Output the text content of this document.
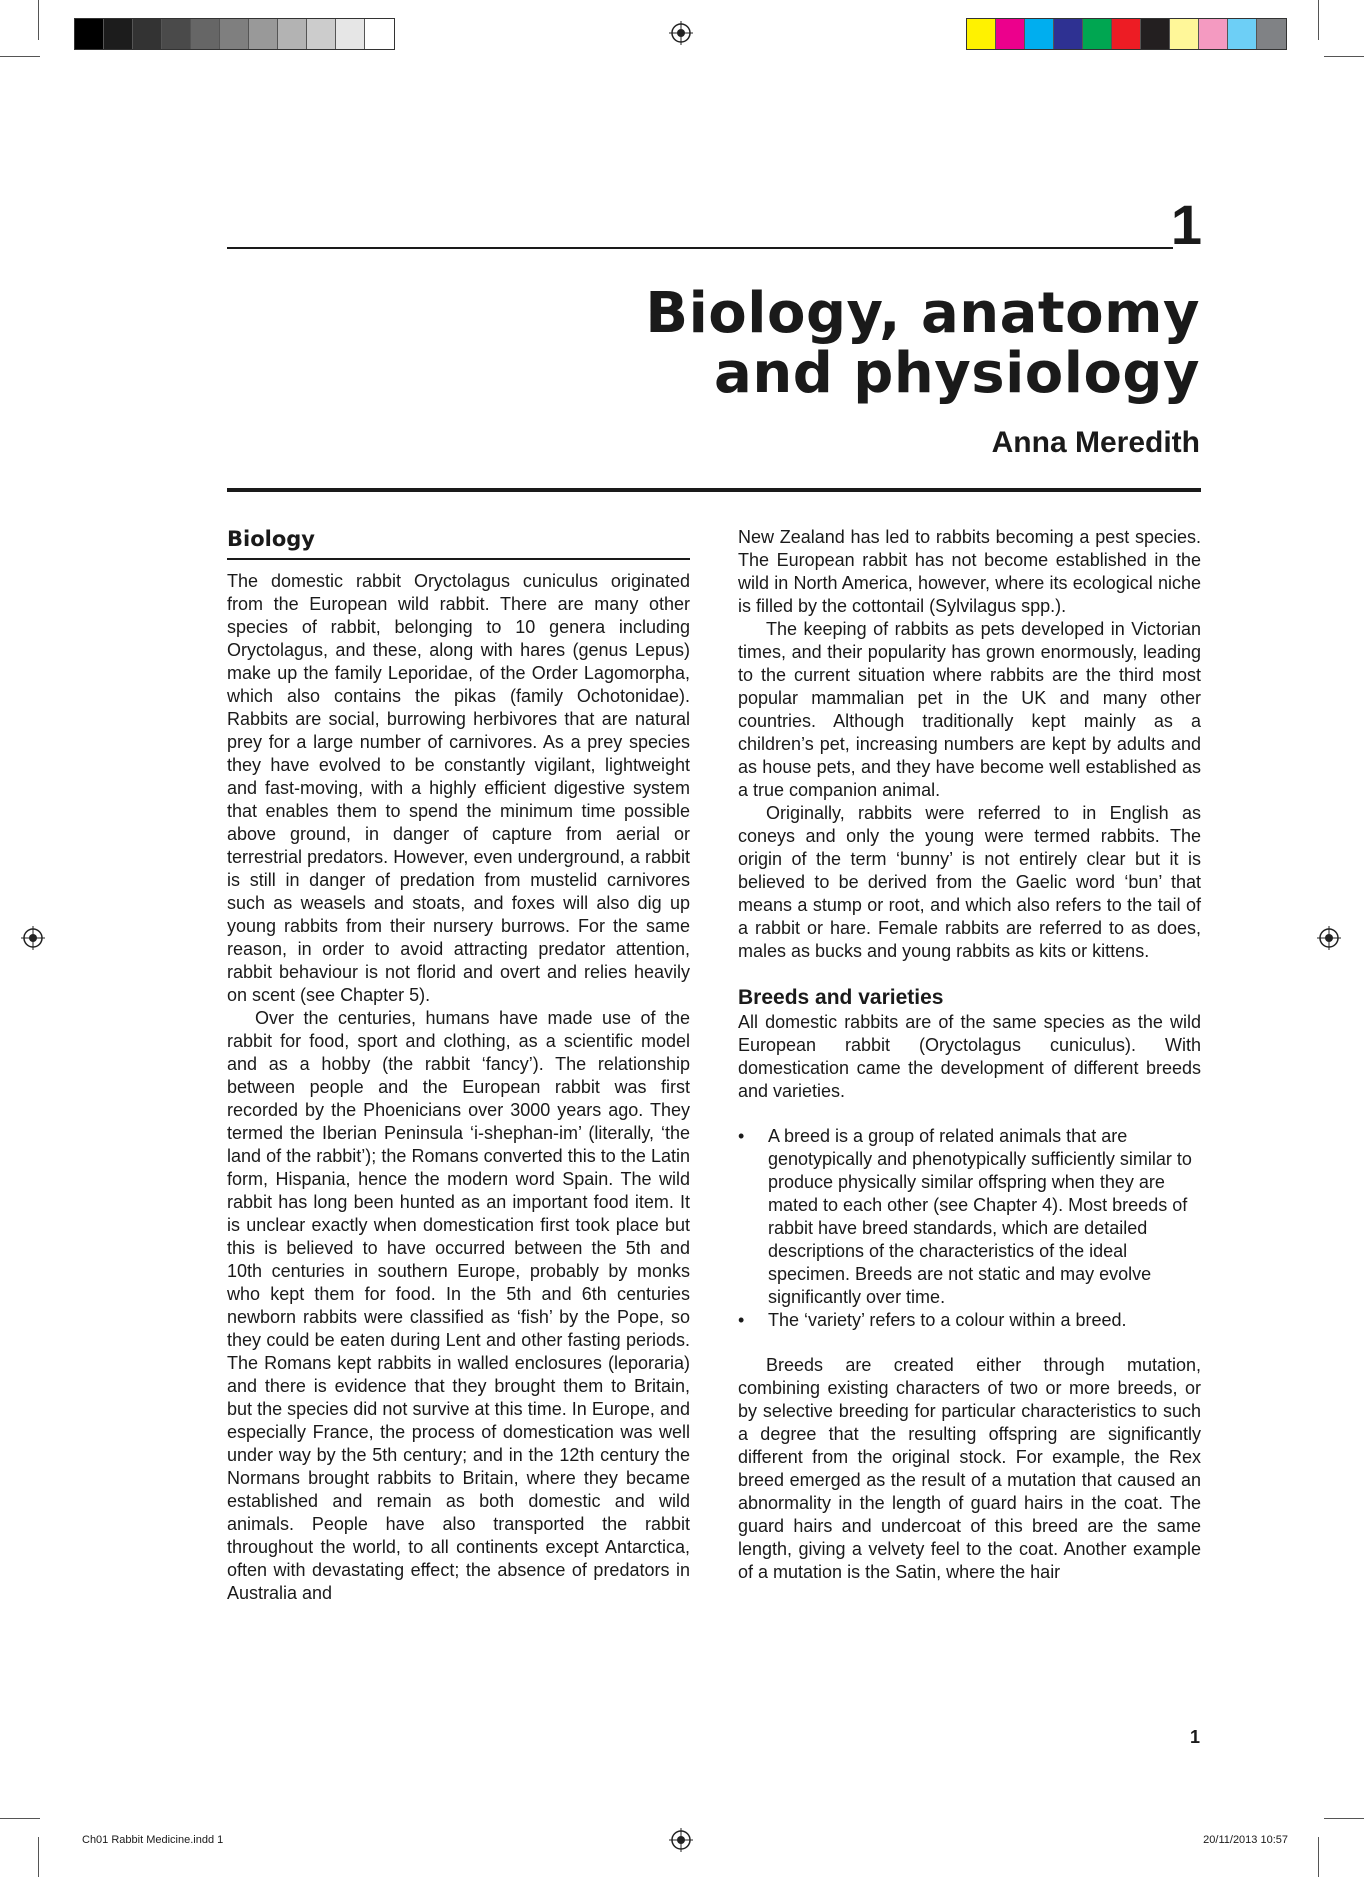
1
Biology, anatomy
and physiology
Anna Meredith
Biology

The domestic rabbit Oryctolagus cuniculus originated from the European wild rabbit. There are many other species of rabbit, belonging to 10 genera including Oryctolagus, and these, along with hares (genus Lepus) make up the family Leporidae, of the Order Lagomorpha, which also contains the pikas (family Ochotonidae). Rabbits are social, burrowing herbivores that are natural prey for a large number of carnivores. As a prey species they have evolved to be constantly vigilant, lightweight and fast-moving, with a highly efficient digestive system that enables them to spend the minimum time possible above ground, in danger of capture from aerial or terrestrial predators. However, even underground, a rabbit is still in danger of predation from mustelid carnivores such as weasels and stoats, and foxes will also dig up young rabbits from their nursery burrows. For the same reason, in order to avoid attracting predator attention, rabbit behaviour is not florid and overt and relies heavily on scent (see Chapter 5).

Over the centuries, humans have made use of the rabbit for food, sport and clothing, as a scientific model and as a hobby (the rabbit ‘fancy’). The relationship between people and the European rabbit was first recorded by the Phoenicians over 3000 years ago. They termed the Iberian Peninsula ‘i-shephan-im’ (literally, ‘the land of the rabbit’); the Romans converted this to the Latin form, Hispania, hence the modern word Spain. The wild rabbit has long been hunted as an important food item. It is unclear exactly when domestication first took place but this is believed to have occurred between the 5th and 10th centuries in southern Europe, probably by monks who kept them for food. In the 5th and 6th centuries newborn rabbits were classified as ‘fish’ by the Pope, so they could be eaten during Lent and other fasting periods. The Romans kept rabbits in walled enclosures (leporaria) and there is evidence that they brought them to Britain, but the species did not survive at this time. In Europe, and especially France, the process of domestication was well under way by the 5th century; and in the 12th century the Normans brought rabbits to Britain, where they became established and remain as both domestic and wild animals. People have also transported the rabbit throughout the world, to all continents except Antarctica, often with devastating effect; the absence of predators in Australia and

New Zealand has led to rabbits becoming a pest species. The European rabbit has not become established in the wild in North America, however, where its ecological niche is filled by the cottontail (Sylvilagus spp.).

The keeping of rabbits as pets developed in Victorian times, and their popularity has grown enormously, leading to the current situation where rabbits are the third most popular mammalian pet in the UK and many other countries. Although traditionally kept mainly as a children’s pet, increasing numbers are kept by adults and as house pets, and they have become well established as a true companion animal.

Originally, rabbits were referred to in English as coneys and only the young were termed rabbits. The origin of the term ‘bunny’ is not entirely clear but it is believed to be derived from the Gaelic word ‘bun’ that means a stump or root, and which also refers to the tail of a rabbit or hare. Female rabbits are referred to as does, males as bucks and young rabbits as kits or kittens.

Breeds and varieties

All domestic rabbits are of the same species as the wild European rabbit (Oryctolagus cuniculus). With domestication came the development of different breeds and varieties.

• A breed is a group of related animals that are genotypically and phenotypically sufficiently similar to produce physically similar offspring when they are mated to each other (see Chapter 4). Most breeds of rabbit have breed standards, which are detailed descriptions of the characteristics of the ideal specimen. Breeds are not static and may evolve significantly over time.
• The ‘variety’ refers to a colour within a breed.

Breeds are created either through mutation, combining existing characters of two or more breeds, or by selective breeding for particular characteristics to such a degree that the resulting offspring are significantly different from the original stock. For example, the Rex breed emerged as the result of a mutation that caused an abnormality in the length of guard hairs in the coat. The guard hairs and undercoat of this breed are the same length, giving a velvety feel to the coat. Another example of a mutation is the Satin, where the hair

1
Ch01 Rabbit Medicine.indd 1	20/11/2013 10:57
